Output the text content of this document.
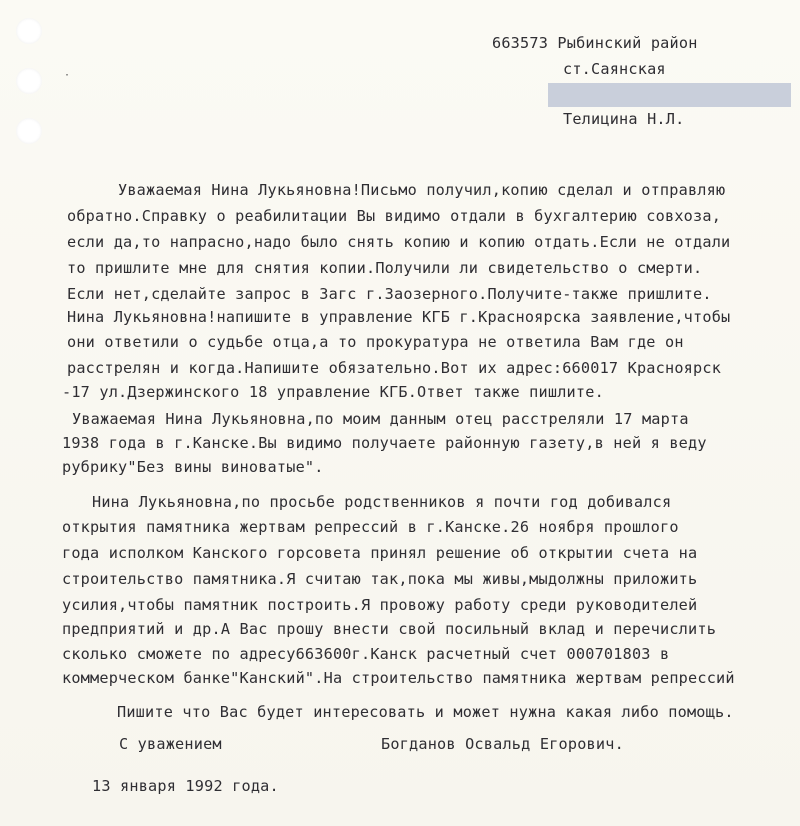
·
663573 Рыбинский район
ст.Саянская
Телицина Н.Л.
Уважаемая Нина Лукьяновна!Письмо получил,копию сделал и отправляю
обратно.Справку о реабилитации Вы видимо отдали в бухгалтерию совхоза,
если да,то напрасно,надо было снять копию и копию отдать.Если не отдали
то пришлите мне для снятия копии.Получили ли свидетельство о смерти.
Если нет,сделайте запрос в Загс г.Заозерного.Получите-также пришлите.
Нина Лукьяновна!напишите в управление КГБ г.Красноярска заявление,чтобы
они ответили о судьбе отца,а то прокуратура не ответила Вам где он
расстрелян и когда.Напишите обязательно.Вот их адрес:660017 Красноярск
-17 ул.Дзержинского 18 управление КГБ.Ответ также пишлите.
Уважаемая Нина Лукьяновна,по моим данным отец расстреляли 17 марта
1938 года в г.Канске.Вы видимо получаете районную газету,в ней я веду
рубрику"Без вины виноватые".
Нина Лукьяновна,по просьбе родственников я почти год добивался
открытия памятника жертвам репрессий в г.Канске.26 ноября прошлого
года исполком Канского горсовета принял решение об открытии счета на
строительство памятника.Я считаю так,пока мы живы,мыдолжны приложить
усилия,чтобы памятник построить.Я провожу работу среди руководителей
предприятий и др.А Вас прошу внести свой посильный вклад и перечислить
сколько сможете по адресу663600г.Канск расчетный счет 000701803 в
коммерческом банке"Канский".На строительство памятника жертвам репрессий
Пишите что Вас будет интересовать и может нужна какая либо помощь.
С уважением	Богданов Освальд Егорович.
13 января 1992 года.
